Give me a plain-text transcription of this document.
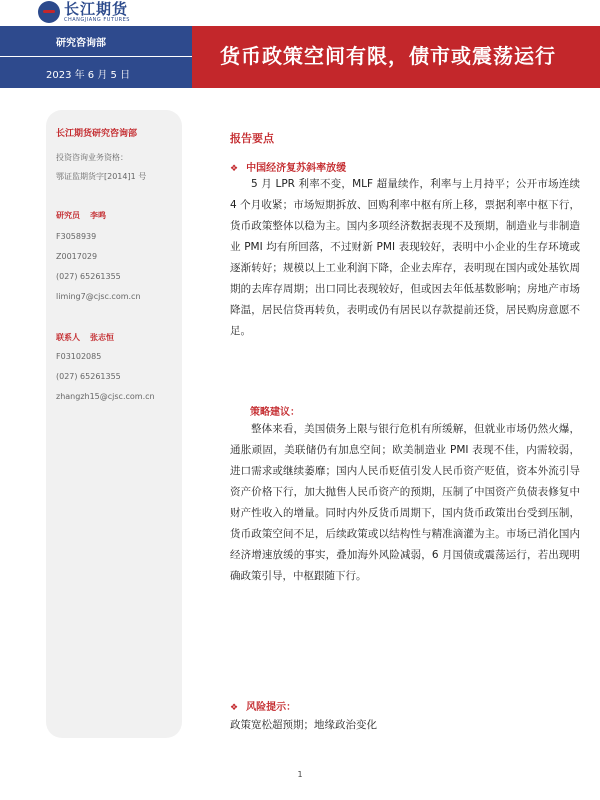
长江期货
CHANGJIANG FUTURES
研究咨询部
2023 年 6 月 5 日
货币政策空间有限，债市或震荡运行
长江期货研究咨询部
投资咨询业务资格：
鄂证监期货字[2014]1 号
研究员 李鸣
F3058939
Z0017029
(027) 65261355
liming7@cjsc.com.cn
联系人 张志恒
F03102085
(027) 65261355
zhangzh15@cjsc.com.cn
报告要点
❖ 中国经济复苏斜率放缓
5 月 LPR 利率不变，MLF 超量续作，利率与上月持平；公开市场连续 4 个月收紧；市场短期拆放、回购利率中枢有所上移，票据利率中枢下行，货币政策整体以稳为主。国内多项经济数据表现不及预期，制造业与非制造业 PMI 均有所回落，不过财新 PMI 表现较好，表明中小企业的生存环境或逐渐转好；规模以上工业利润下降，企业去库存，表明现在国内或处基钦周期的去库存周期；出口同比表现较好，但或因去年低基数影响；房地产市场降温，居民信贷再转负，表明或仍有居民以存款提前还贷，居民购房意愿不足。
策略建议：
整体来看，美国债务上限与银行危机有所缓解，但就业市场仍然火爆，通胀顽固，美联储仍有加息空间；欧美制造业 PMI 表现不佳，内需较弱，进口需求或继续萎靡；国内人民币贬值引发人民币资产贬值，资本外流引导资产价格下行，加大抛售人民币资产的预期，压制了中国资产负债表修复中财产性收入的增量。同时内外反货币周期下，国内货币政策出台受到压制，货币政策空间不足，后续政策或以结构性与精准滴灌为主。市场已消化国内经济增速放缓的事实，叠加海外风险减弱，6 月国债或震荡运行，若出现明确政策引导，中枢跟随下行。
❖ 风险提示：
政策宽松超预期；地缘政治变化
1
